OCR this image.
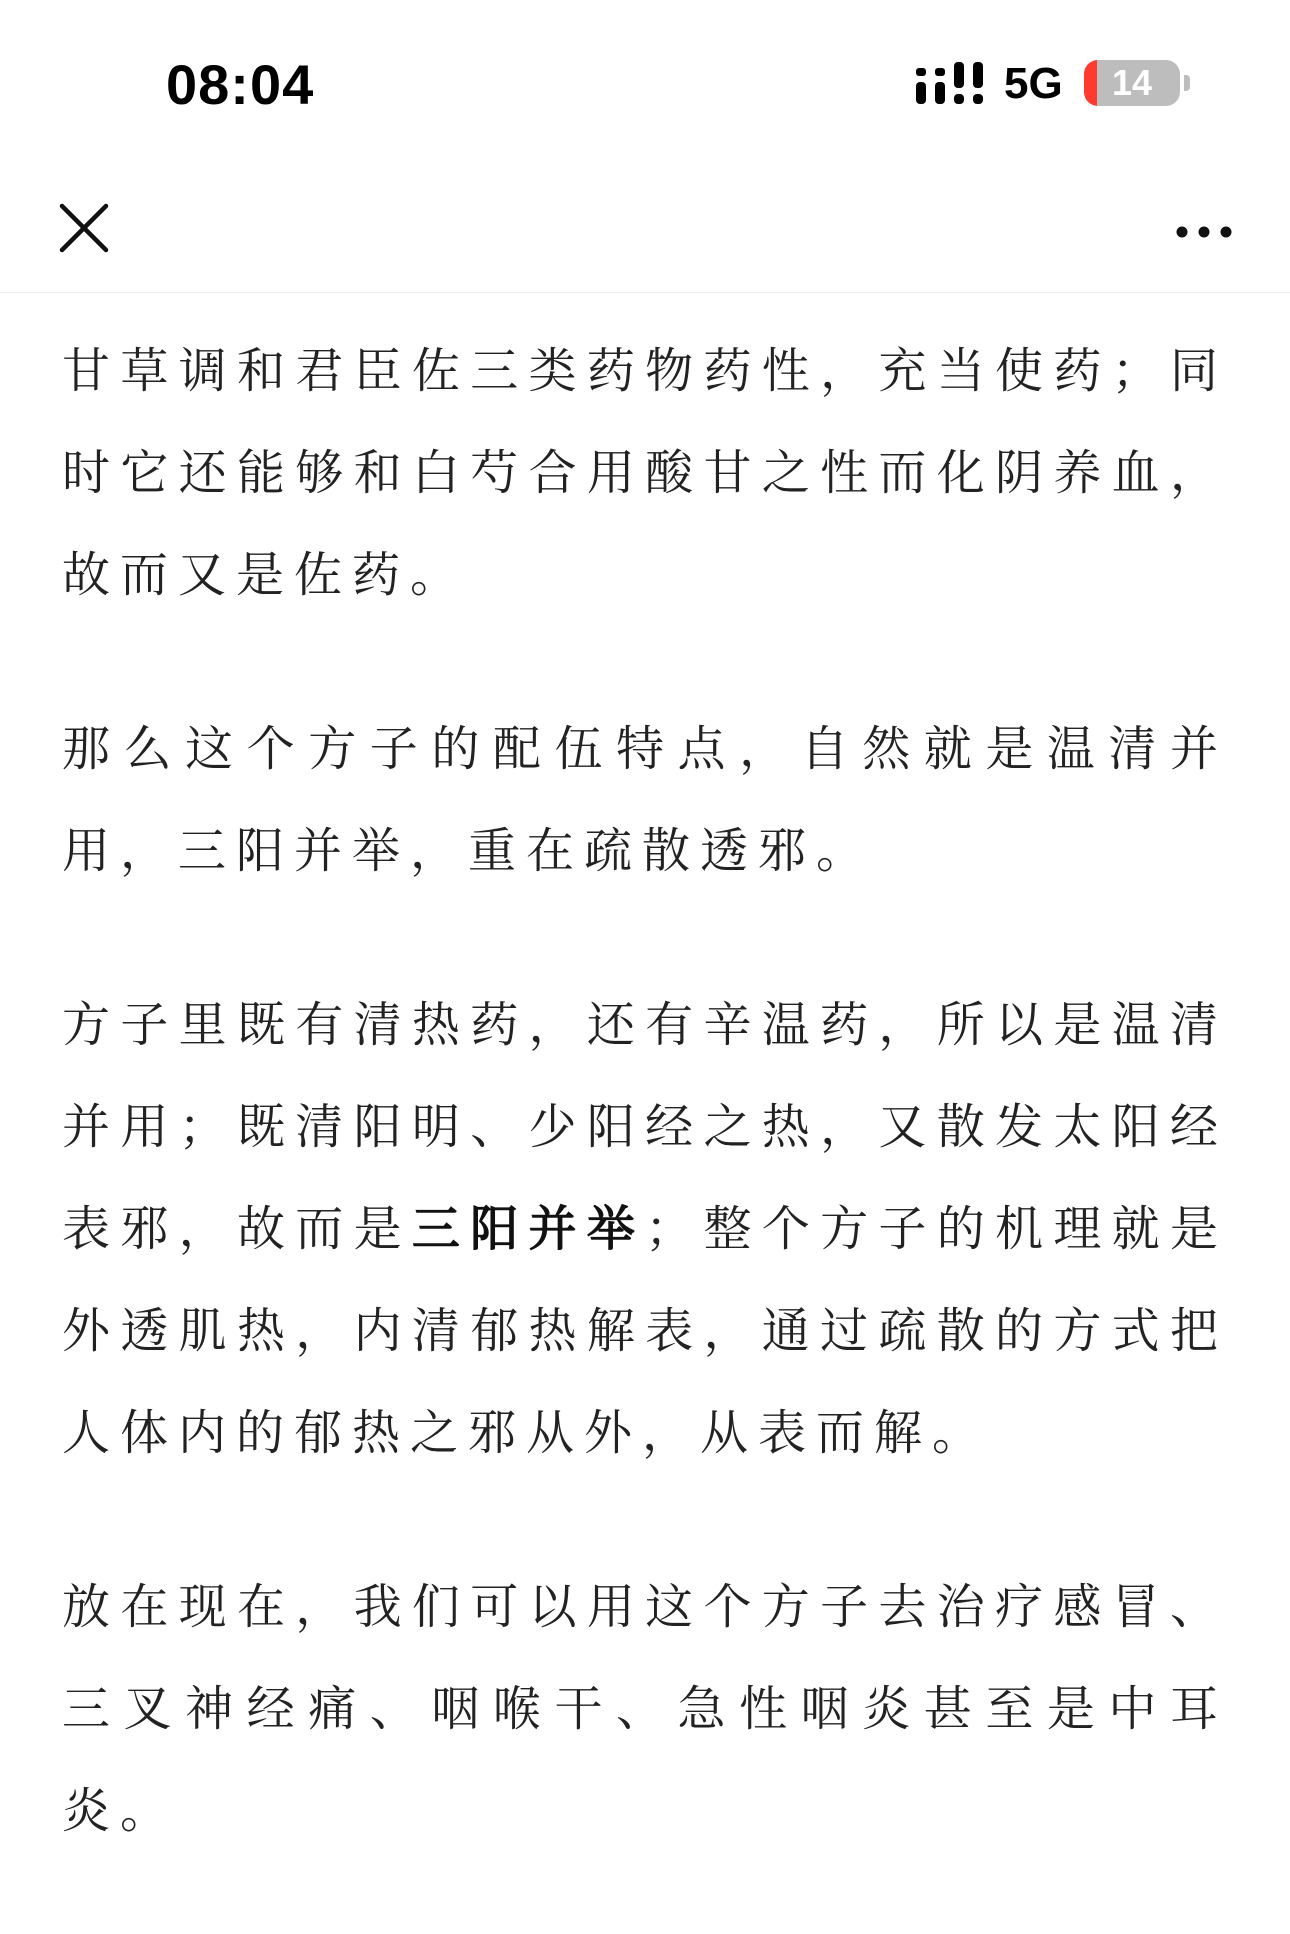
08:04	5G	14

甘草调和君臣佐三类药物药性，充当使药；同时它还能够和白芍合用酸甘之性而化阴养血，故而又是佐药。

那么这个方子的配伍特点，自然就是温清并用，三阳并举，重在疏散透邪。

方子里既有清热药，还有辛温药，所以是温清并用；既清阳明、少阳经之热，又散发太阳经表邪，故而是三阳并举；整个方子的机理就是外透肌热，内清郁热解表，通过疏散的方式把人体内的郁热之邪从外，从表而解。

放在现在，我们可以用这个方子去治疗感冒、三叉神经痛、咽喉干、急性咽炎甚至是中耳炎。
